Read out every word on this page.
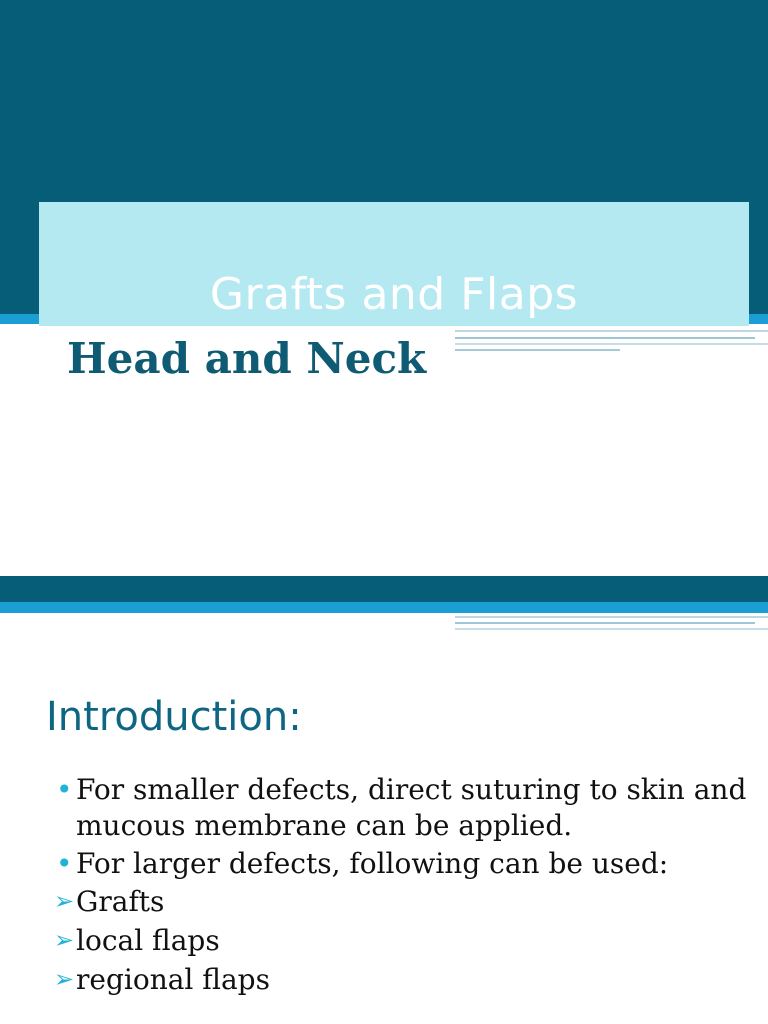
Grafts and Flaps
Head and Neck
Introduction:
• For smaller defects, direct suturing to skin and mucous membrane can be applied.
• For larger defects, following can be used:
➢ Grafts
➢ local flaps
➢ regional flaps
